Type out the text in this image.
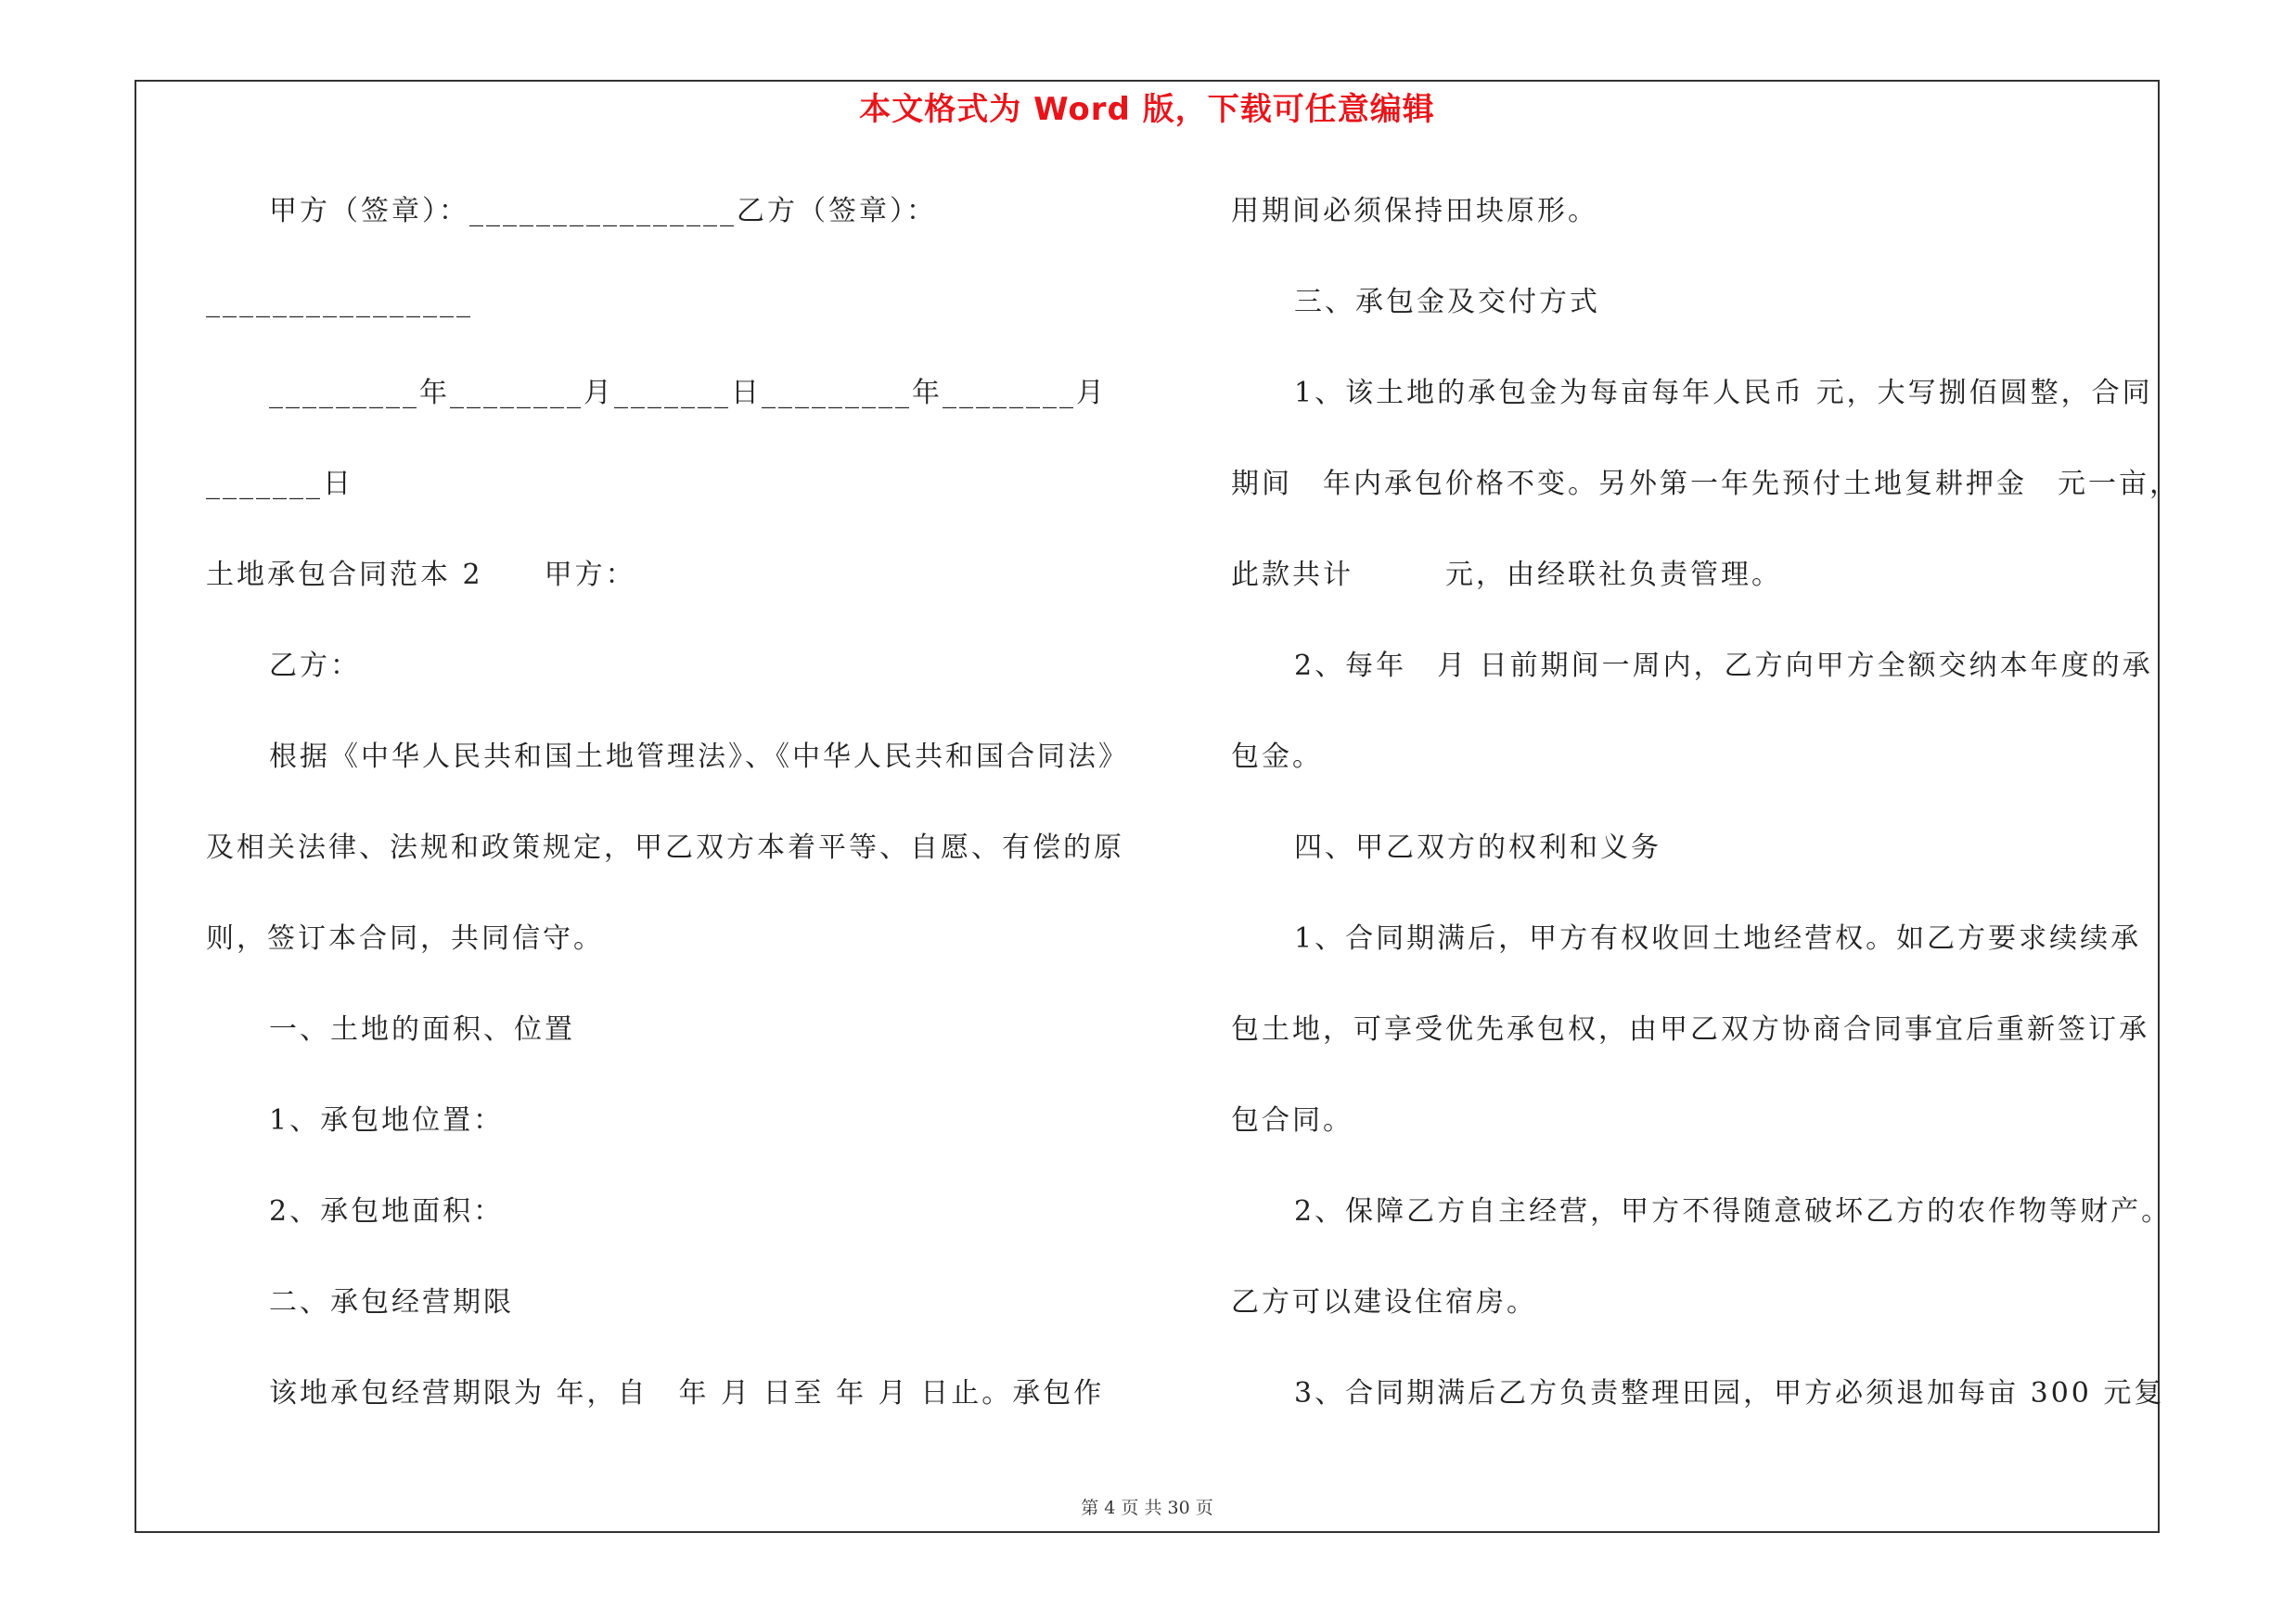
本文格式为 Word 版，下载可任意编辑
甲方（签章）：________________乙方（签章）：
________________
_________年________月_______日_________年________月
_______日
土地承包合同范本 2　　甲方：
乙方：
根据《中华人民共和国土地管理法》、《中华人民共和国合同法》
及相关法律、法规和政策规定，甲乙双方本着平等、自愿、有偿的原
则，签订本合同，共同信守。
一、土地的面积、位置
1、承包地位置：
2、承包地面积：
二、承包经营期限
该地承包经营期限为 年，自　年 月 日至 年 月 日止。承包作
用期间必须保持田块原形。
三、承包金及交付方式
1、该土地的承包金为每亩每年人民币 元，大写捌佰圆整，合同
期间　年内承包价格不变。另外第一年先预付土地复耕押金　元一亩，
此款共计　　　元，由经联社负责管理。
2、每年　月 日前期间一周内，乙方向甲方全额交纳本年度的承
包金。
四、甲乙双方的权利和义务
1、合同期满后，甲方有权收回土地经营权。如乙方要求续续承
包土地，可享受优先承包权，由甲乙双方协商合同事宜后重新签订承
包合同。
2、保障乙方自主经营，甲方不得随意破坏乙方的农作物等财产。
乙方可以建设住宿房。
3、合同期满后乙方负责整理田园，甲方必须退加每亩 300 元复
第 4 页 共 30 页
